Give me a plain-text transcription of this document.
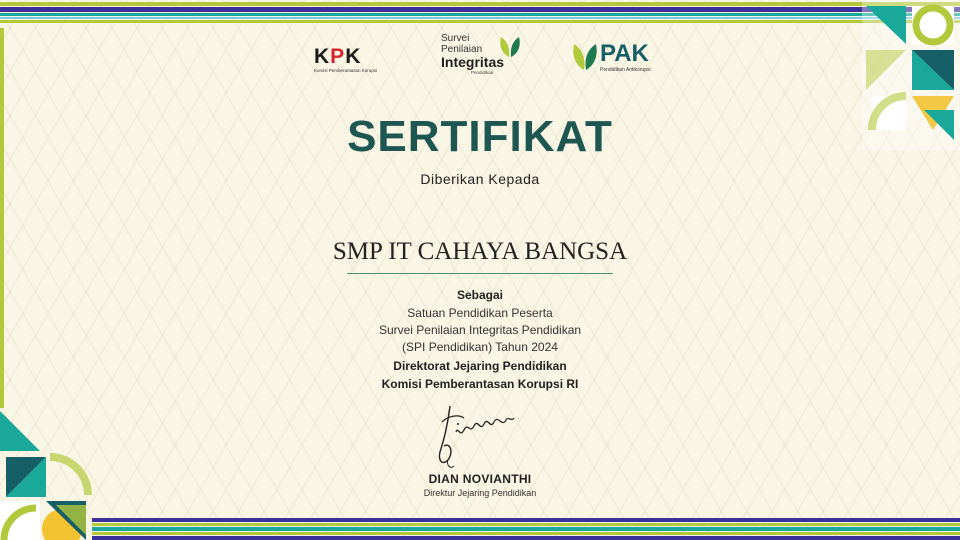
KPK
Komisi Pemberantasan Korupsi
Survei
Penilaian
Integritas
Pendidikan
PAK
Pendidikan Antikorupsi
SERTIFIKAT
Diberikan Kepada
SMP IT CAHAYA BANGSA
Sebagai
Satuan Pendidikan Peserta
Survei Penilaian Integritas Pendidikan
(SPI Pendidikan) Tahun 2024
Direktorat Jejaring Pendidikan
Komisi Pemberantasan Korupsi RI
DIAN NOVIANTHI
Direktur Jejaring Pendidikan
